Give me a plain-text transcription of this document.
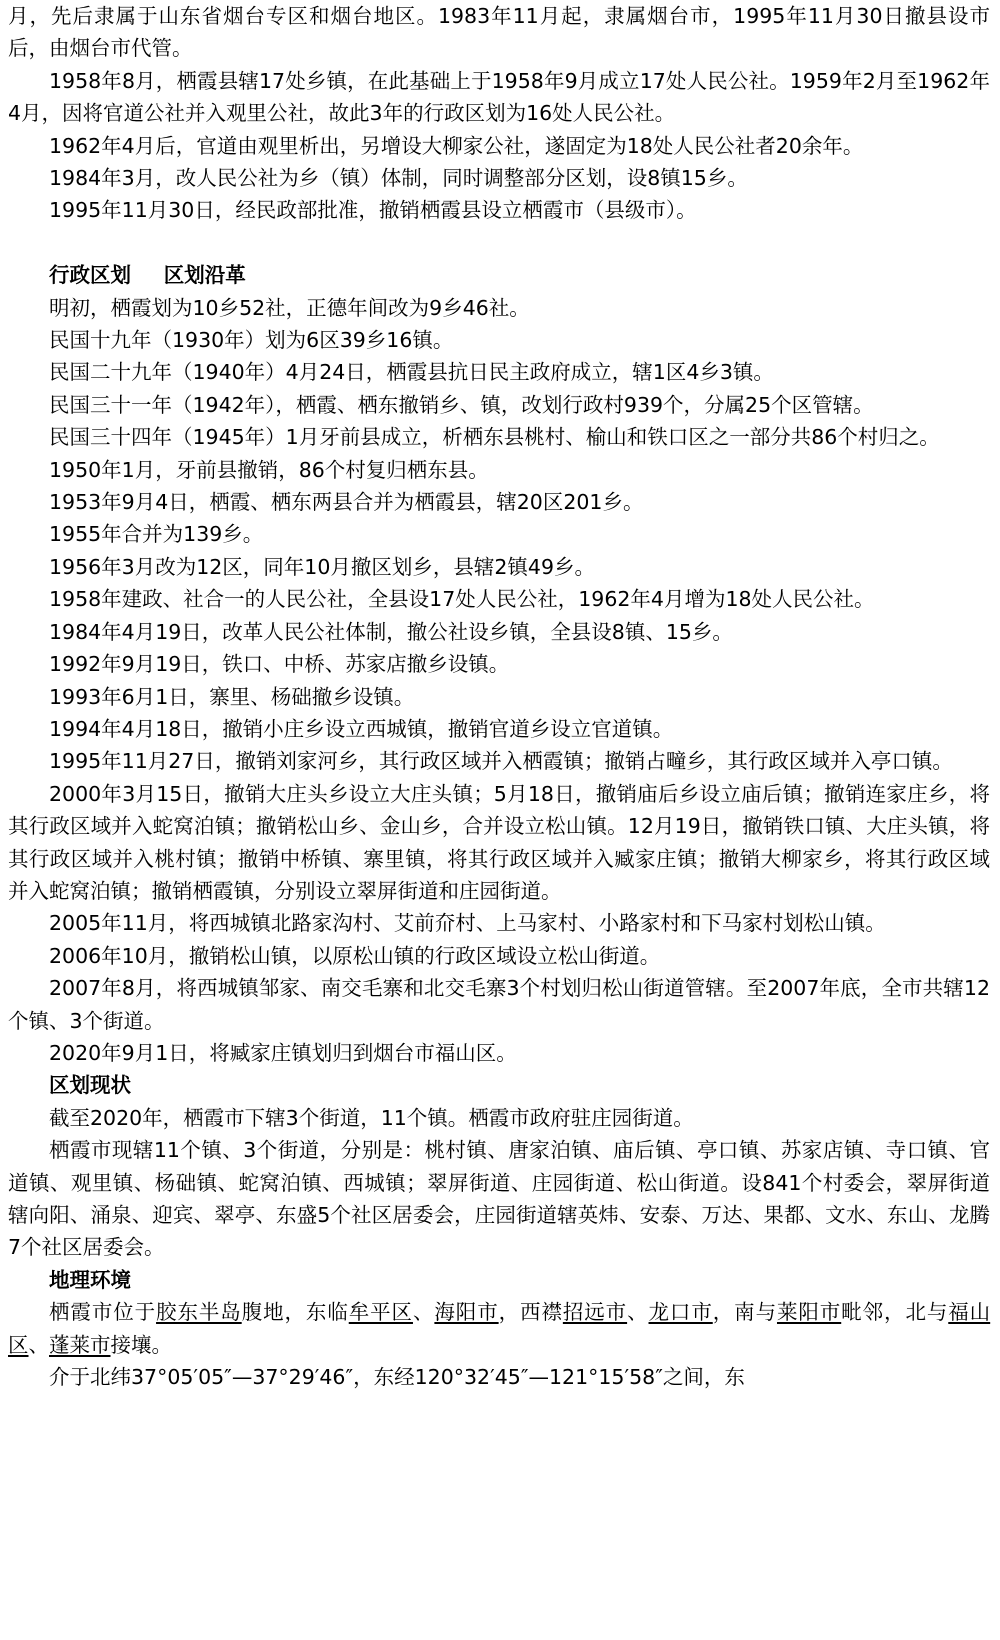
月，先后隶属于山东省烟台专区和烟台地区。1983年11月起，隶属烟台市，1995年11月30日撤县设市后，由烟台市代管。

1958年8月，栖霞县辖17处乡镇，在此基础上于1958年9月成立17处人民公社。1959年2月至1962年4月，因将官道公社并入观里公社，故此3年的行政区划为16处人民公社。

1962年4月后，官道由观里析出，另增设大柳家公社，遂固定为18处人民公社者20余年。

1984年3月，改人民公社为乡（镇）体制，同时调整部分区划，设8镇15乡。

1995年11月30日，经民政部批准，撤销栖霞县设立栖霞市（县级市）。

行政区划 区划沿革

明初，栖霞划为10乡52社，正德年间改为9乡46社。

民国十九年（1930年）划为6区39乡16镇。

民国二十九年（1940年）4月24日，栖霞县抗日民主政府成立，辖1区4乡3镇。

民国三十一年（1942年），栖霞、栖东撤销乡、镇，改划行政村939个，分属25个区管辖。

民国三十四年（1945年）1月牙前县成立，析栖东县桃村、榆山和铁口区之一部分共86个村归之。

1950年1月，牙前县撤销，86个村复归栖东县。

1953年9月4日，栖霞、栖东两县合并为栖霞县，辖20区201乡。

1955年合并为139乡。

1956年3月改为12区，同年10月撤区划乡，县辖2镇49乡。

1958年建政、社合一的人民公社，全县设17处人民公社，1962年4月增为18处人民公社。

1984年4月19日，改革人民公社体制，撤公社设乡镇，全县设8镇、15乡。

1992年9月19日，铁口、中桥、苏家店撤乡设镇。

1993年6月1日，寨里、杨础撤乡设镇。

1994年4月18日，撤销小庄乡设立西城镇，撤销官道乡设立官道镇。

1995年11月27日，撤销刘家河乡，其行政区域并入栖霞镇；撤销占疃乡，其行政区域并入亭口镇。

2000年3月15日，撤销大庄头乡设立大庄头镇；5月18日，撤销庙后乡设立庙后镇；撤销连家庄乡，将其行政区域并入蛇窝泊镇；撤销松山乡、金山乡，合并设立松山镇。12月19日，撤销铁口镇、大庄头镇，将其行政区域并入桃村镇；撤销中桥镇、寨里镇，将其行政区域并入臧家庄镇；撤销大柳家乡，将其行政区域并入蛇窝泊镇；撤销栖霞镇，分别设立翠屏街道和庄园街道。

2005年11月，将西城镇北路家沟村、艾前夼村、上马家村、小路家村和下马家村划松山镇。

2006年10月，撤销松山镇，以原松山镇的行政区域设立松山街道。

2007年8月，将西城镇邹家、南交毛寨和北交毛寨3个村划归松山街道管辖。至2007年底，全市共辖12个镇、3个街道。

2020年9月1日，将臧家庄镇划归到烟台市福山区。

区划现状

截至2020年，栖霞市下辖3个街道，11个镇。栖霞市政府驻庄园街道。

栖霞市现辖11个镇、3个街道，分别是：桃村镇、唐家泊镇、庙后镇、亭口镇、苏家店镇、寺口镇、官道镇、观里镇、杨础镇、蛇窝泊镇、西城镇；翠屏街道、庄园街道、松山街道。设841个村委会，翠屏街道辖向阳、涌泉、迎宾、翠亭、东盛5个社区居委会，庄园街道辖英炜、安泰、万达、果都、文水、东山、龙腾7个社区居委会。

地理环境

栖霞市位于胶东半岛腹地，东临牟平区、海阳市，西襟招远市、龙口市，南与莱阳市毗邻，北与福山区、蓬莱市接壤。

介于北纬37°05′05″—37°29′46″，东经120°32′45″—121°15′58″之间，东
